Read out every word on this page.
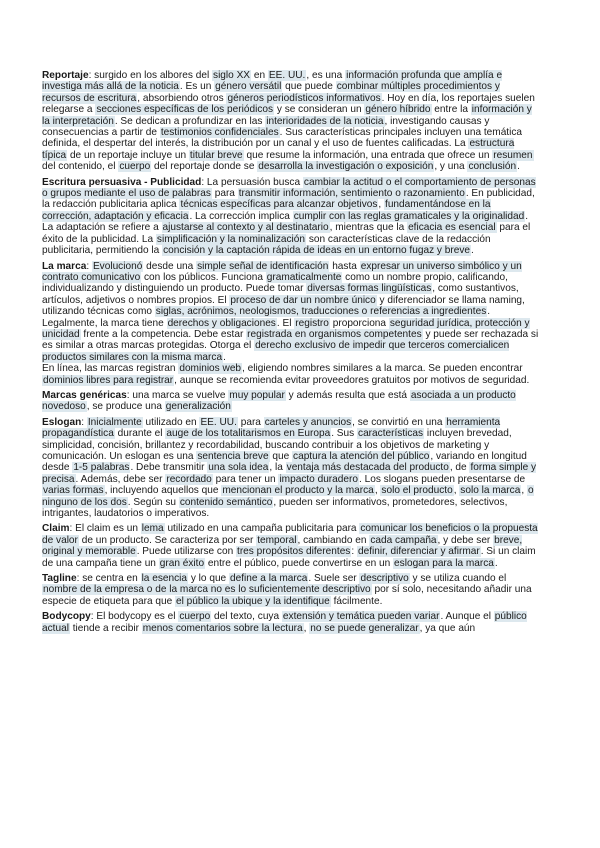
Reportaje: surgido en los albores del siglo XX en EE. UU., es una información profunda que amplía e investiga más allá de la noticia. Es un género versátil que puede combinar múltiples procedimientos y recursos de escritura, absorbiendo otros géneros periodísticos informativos. Hoy en día, los reportajes suelen relegarse a secciones específicas de los periódicos y se consideran un género híbrido entre la información y la interpretación. Se dedican a profundizar en las interioridades de la noticia, investigando causas y consecuencias a partir de testimonios confidenciales. Sus características principales incluyen una temática definida, el despertar del interés, la distribución por un canal y el uso de fuentes calificadas. La estructura típica de un reportaje incluye un titular breve que resume la información, una entrada que ofrece un resumen del contenido, el cuerpo del reportaje donde se desarrolla la investigación o exposición, y una conclusión.

Escritura persuasiva - Publicidad: La persuasión busca cambiar la actitud o el comportamiento de personas o grupos mediante el uso de palabras para transmitir información, sentimiento o razonamiento. En publicidad, la redacción publicitaria aplica técnicas específicas para alcanzar objetivos, fundamentándose en la corrección, adaptación y eficacia. La corrección implica cumplir con las reglas gramaticales y la originalidad. La adaptación se refiere a ajustarse al contexto y al destinatario, mientras que la eficacia es esencial para el éxito de la publicidad. La simplificación y la nominalización son características clave de la redacción publicitaria, permitiendo la concisión y la captación rápida de ideas en un entorno fugaz y breve.

La marca: Evolucionó desde una simple señal de identificación hasta expresar un universo simbólico y un contrato comunicativo con los públicos. Funciona gramaticalmente como un nombre propio, calificando, individualizando y distinguiendo un producto. Puede tomar diversas formas lingüísticas, como sustantivos, artículos, adjetivos o nombres propios. El proceso de dar un nombre único y diferenciador se llama naming, utilizando técnicas como siglas, acrónimos, neologismos, traducciones o referencias a ingredientes.
Legalmente, la marca tiene derechos y obligaciones. El registro proporciona seguridad jurídica, protección y unicidad frente a la competencia. Debe estar registrada en organismos competentes y puede ser rechazada si es similar a otras marcas protegidas. Otorga el derecho exclusivo de impedir que terceros comercialicen productos similares con la misma marca.
En línea, las marcas registran dominios web, eligiendo nombres similares a la marca. Se pueden encontrar dominios libres para registrar, aunque se recomienda evitar proveedores gratuitos por motivos de seguridad.

Marcas genéricas: una marca se vuelve muy popular y además resulta que está asociada a un producto novedoso, se produce una generalización

Eslogan: Inicialmente utilizado en EE. UU. para carteles y anuncios, se convirtió en una herramienta propagandística durante el auge de los totalitarismos en Europa. Sus características incluyen brevedad, simplicidad, concisión, brillantez y recordabilidad, buscando contribuir a los objetivos de marketing y comunicación. Un eslogan es una sentencia breve que captura la atención del público, variando en longitud desde 1-5 palabras. Debe transmitir una sola idea, la ventaja más destacada del producto, de forma simple y precisa. Además, debe ser recordado para tener un impacto duradero. Los slogans pueden presentarse de varias formas, incluyendo aquellos que mencionan el producto y la marca, solo el producto, solo la marca, o ninguno de los dos. Según su contenido semántico, pueden ser informativos, prometedores, selectivos, intrigantes, laudatorios o imperativos.

Claim: El claim es un lema utilizado en una campaña publicitaria para comunicar los beneficios o la propuesta de valor de un producto. Se caracteriza por ser temporal, cambiando en cada campaña, y debe ser breve, original y memorable. Puede utilizarse con tres propósitos diferentes: definir, diferenciar y afirmar. Si un claim de una campaña tiene un gran éxito entre el público, puede convertirse en un eslogan para la marca.

Tagline: se centra en la esencia y lo que define a la marca. Suele ser descriptivo y se utiliza cuando el nombre de la empresa o de la marca no es lo suficientemente descriptivo por sí solo, necesitando añadir una especie de etiqueta para que el público la ubique y la identifique fácilmente.

Bodycopy: El bodycopy es el cuerpo del texto, cuya extensión y temática pueden variar. Aunque el público actual tiende a recibir menos comentarios sobre la lectura, no se puede generalizar, ya que aún
